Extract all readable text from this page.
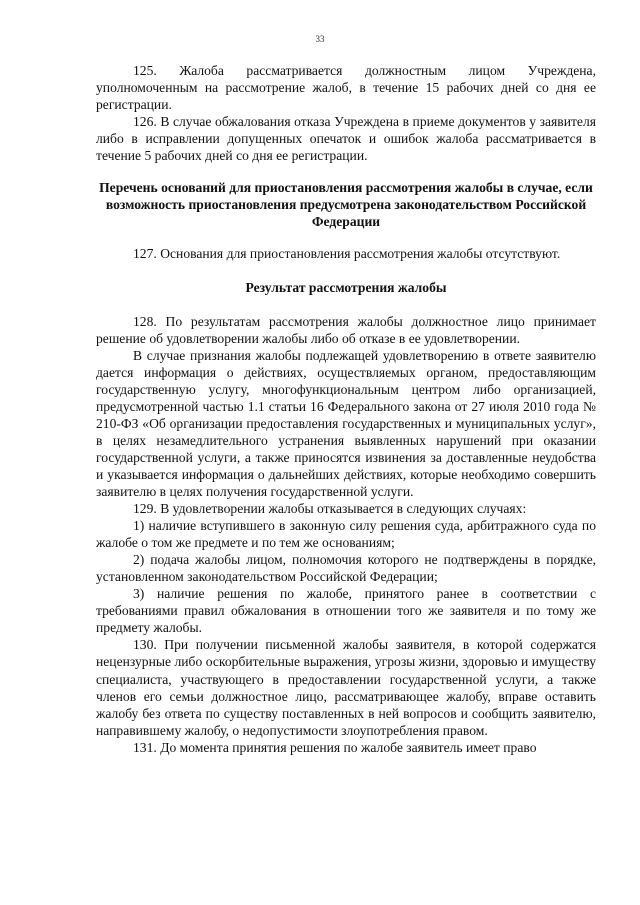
33

125. Жалоба рассматривается должностным лицом Учреждена, уполномоченным на рассмотрение жалоб, в течение 15 рабочих дней со дня ее регистрации.

126. В случае обжалования отказа Учреждена в приеме документов у заявителя либо в исправлении допущенных опечаток и ошибок жалоба рассматривается в течение 5 рабочих дней со дня ее регистрации.

Перечень оснований для приостановления рассмотрения жалобы в случае, если возможность приостановления предусмотрена законодательством Российской Федерации

127. Основания для приостановления рассмотрения жалобы отсутствуют.

Результат рассмотрения жалобы

128. По результатам рассмотрения жалобы должностное лицо принимает решение об удовлетворении жалобы либо об отказе в ее удовлетворении.

В случае признания жалобы подлежащей удовлетворению в ответе заявителю дается информация о действиях, осуществляемых органом, предоставляющим государственную услугу, многофункциональным центром либо организацией, предусмотренной частью 1.1 статьи 16 Федерального закона от 27 июля 2010 года № 210-ФЗ «Об организации предоставления государственных и муниципальных услуг», в целях незамедлительного устранения выявленных нарушений при оказании государственной услуги, а также приносятся извинения за доставленные неудобства и указывается информация о дальнейших действиях, которые необходимо совершить заявителю в целях получения государственной услуги.

129. В удовлетворении жалобы отказывается в следующих случаях:

1) наличие вступившего в законную силу решения суда, арбитражного суда по жалобе о том же предмете и по тем же основаниям;

2) подача жалобы лицом, полномочия которого не подтверждены в порядке, установленном законодательством Российской Федерации;

3) наличие решения по жалобе, принятого ранее в соответствии с требованиями правил обжалования в отношении того же заявителя и по тому же предмету жалобы.

130. При получении письменной жалобы заявителя, в которой содержатся нецензурные либо оскорбительные выражения, угрозы жизни, здоровью и имуществу специалиста, участвующего в предоставлении государственной услуги, а также членов его семьи должностное лицо, рассматривающее жалобу, вправе оставить жалобу без ответа по существу поставленных в ней вопросов и сообщить заявителю, направившему жалобу, о недопустимости злоупотребления правом.

131. До момента принятия решения по жалобе заявитель имеет право
